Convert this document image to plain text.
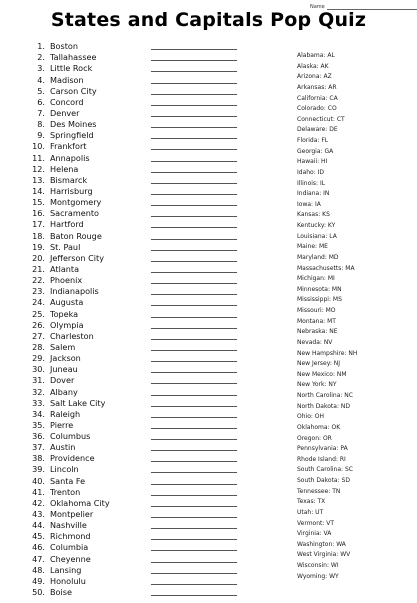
Name
States and Capitals Pop Quiz
1. Boston
2. Tallahassee
3. Little Rock
4. Madison
5. Carson City
6. Concord
7. Denver
8. Des Moines
9. Springfield
10. Frankfort
11. Annapolis
12. Helena
13. Bismarck
14. Harrisburg
15. Montgomery
16. Sacramento
17. Hartford
18. Baton Rouge
19. St. Paul
20. Jefferson City
21. Atlanta
22. Phoenix
23. Indianapolis
24. Augusta
25. Topeka
26. Olympia
27. Charleston
28. Salem
29. Jackson
30. Juneau
31. Dover
32. Albany
33. Salt Lake City
34. Raleigh
35. Pierre
36. Columbus
37. Austin
38. Providence
39. Lincoln
40. Santa Fe
41. Trenton
42. Oklahoma City
43. Montpelier
44. Nashville
45. Richmond
46. Columbia
47. Cheyenne
48. Lansing
49. Honolulu
50. Boise
Alabama: AL
Alaska: AK
Arizona: AZ
Arkansas: AR
California: CA
Colorado: CO
Connecticut: CT
Delaware: DE
Florida: FL
Georgia: GA
Hawaii: HI
Idaho: ID
Illinois: IL
Indiana: IN
Iowa: IA
Kansas: KS
Kentucky: KY
Louisiana: LA
Maine: ME
Maryland: MD
Massachusetts: MA
Michigan: MI
Minnesota: MN
Mississippi: MS
Missouri: MO
Montana: MT
Nebraska: NE
Nevada: NV
New Hampshire: NH
New Jersey: NJ
New Mexico: NM
New York: NY
North Carolina: NC
North Dakota: ND
Ohio: OH
Oklahoma: OK
Oregon: OR
Pennsylvania: PA
Rhode Island: RI
South Carolina: SC
South Dakota: SD
Tennessee: TN
Texas: TX
Utah: UT
Vermont: VT
Virginia: VA
Washington: WA
West Virginia: WV
Wisconsin: WI
Wyoming: WY
